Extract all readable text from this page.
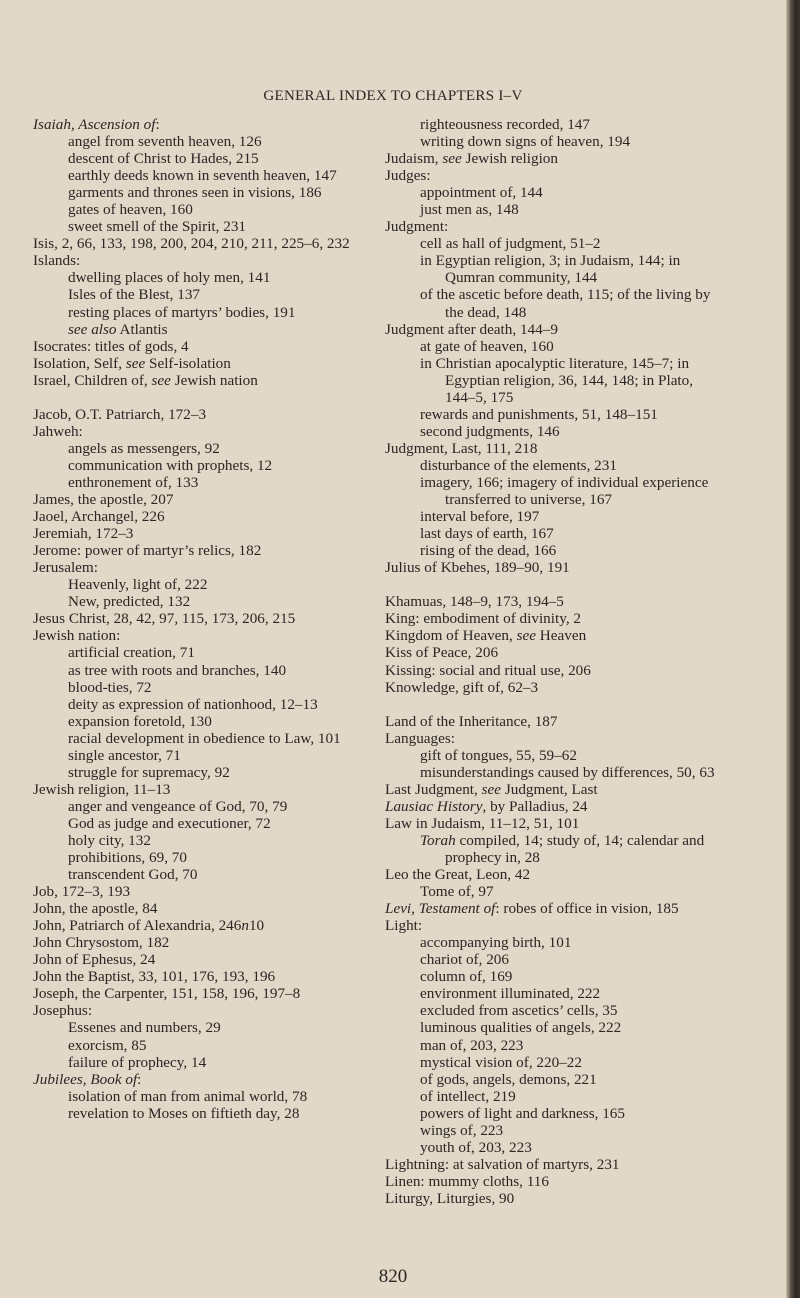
GENERAL INDEX TO CHAPTERS I–V
Isaiah, Ascension of:
angel from seventh heaven, 126
descent of Christ to Hades, 215
earthly deeds known in seventh heaven, 147
garments and thrones seen in visions, 186
gates of heaven, 160
sweet smell of the Spirit, 231
Isis, 2, 66, 133, 198, 200, 204, 210, 211, 225–6, 232
Islands:
dwelling places of holy men, 141
Isles of the Blest, 137
resting places of martyrs’ bodies, 191
see also Atlantis
Isocrates: titles of gods, 4
Isolation, Self, see Self-isolation
Israel, Children of, see Jewish nation
Jacob, O.T. Patriarch, 172–3
Jahweh:
angels as messengers, 92
communication with prophets, 12
enthronement of, 133
James, the apostle, 207
Jaoel, Archangel, 226
Jeremiah, 172–3
Jerome: power of martyr’s relics, 182
Jerusalem:
Heavenly, light of, 222
New, predicted, 132
Jesus Christ, 28, 42, 97, 115, 173, 206, 215
Jewish nation:
artificial creation, 71
as tree with roots and branches, 140
blood-ties, 72
deity as expression of nationhood, 12–13
expansion foretold, 130
racial development in obedience to Law, 101
single ancestor, 71
struggle for supremacy, 92
Jewish religion, 11–13
anger and vengeance of God, 70, 79
God as judge and executioner, 72
holy city, 132
prohibitions, 69, 70
transcendent God, 70
Job, 172–3, 193
John, the apostle, 84
John, Patriarch of Alexandria, 246n10
John Chrysostom, 182
John of Ephesus, 24
John the Baptist, 33, 101, 176, 193, 196
Joseph, the Carpenter, 151, 158, 196, 197–8
Josephus:
Essenes and numbers, 29
exorcism, 85
failure of prophecy, 14
Jubilees, Book of:
isolation of man from animal world, 78
revelation to Moses on fiftieth day, 28
righteousness recorded, 147
writing down signs of heaven, 194
Judaism, see Jewish religion
Judges:
appointment of, 144
just men as, 148
Judgment:
cell as hall of judgment, 51–2
in Egyptian religion, 3; in Judaism, 144; in Qumran community, 144
of the ascetic before death, 115; of the living by the dead, 148
Judgment after death, 144–9
at gate of heaven, 160
in Christian apocalyptic literature, 145–7; in Egyptian religion, 36, 144, 148; in Plato, 144–5, 175
rewards and punishments, 51, 148–151
second judgments, 146
Judgment, Last, 111, 218
disturbance of the elements, 231
imagery, 166; imagery of individual experience transferred to universe, 167
interval before, 197
last days of earth, 167
rising of the dead, 166
Julius of Kbehes, 189–90, 191
Khamuas, 148–9, 173, 194–5
King: embodiment of divinity, 2
Kingdom of Heaven, see Heaven
Kiss of Peace, 206
Kissing: social and ritual use, 206
Knowledge, gift of, 62–3
Land of the Inheritance, 187
Languages:
gift of tongues, 55, 59–62
misunderstandings caused by differences, 50, 63
Last Judgment, see Judgment, Last
Lausiac History, by Palladius, 24
Law in Judaism, 11–12, 51, 101
Torah compiled, 14; study of, 14; calendar and prophecy in, 28
Leo the Great, Leon, 42
Tome of, 97
Levi, Testament of: robes of office in vision, 185
Light:
accompanying birth, 101
chariot of, 206
column of, 169
environment illuminated, 222
excluded from ascetics’ cells, 35
luminous qualities of angels, 222
man of, 203, 223
mystical vision of, 220–22
of gods, angels, demons, 221
of intellect, 219
powers of light and darkness, 165
wings of, 223
youth of, 203, 223
Lightning: at salvation of martyrs, 231
Linen: mummy cloths, 116
Liturgy, Liturgies, 90
820
